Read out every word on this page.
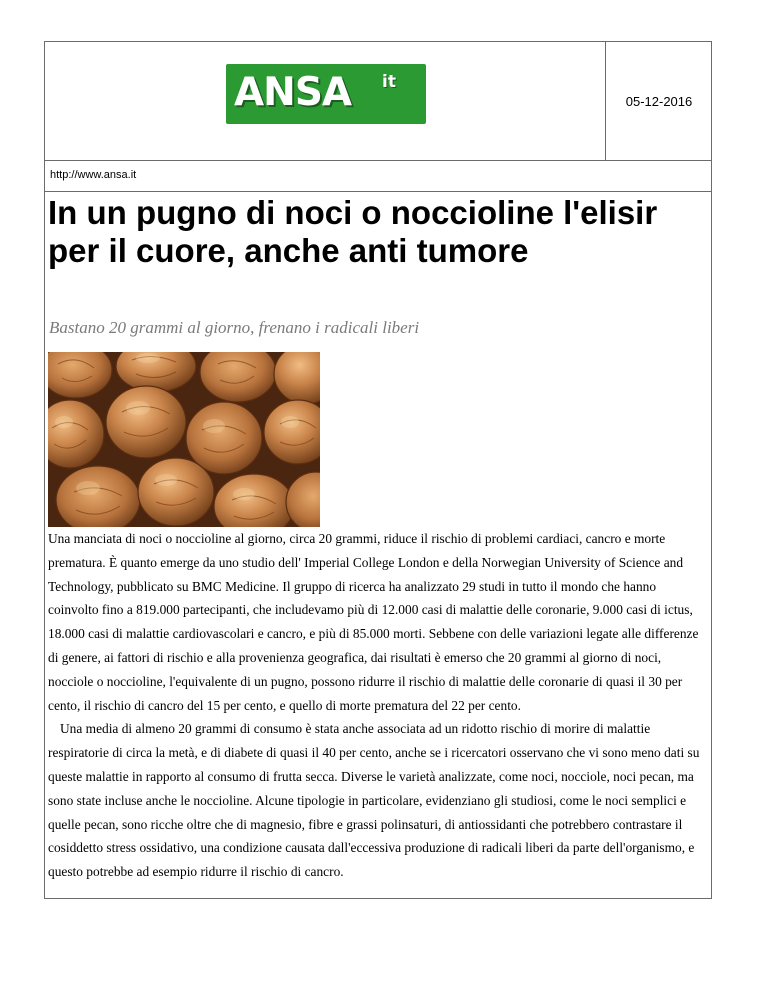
ANSA it
05-12-2016
http://www.ansa.it
In un pugno di noci o noccioline l'elisir per il cuore, anche anti tumore
Bastano 20 grammi al giorno, frenano i radicali liberi

Una manciata di noci o noccioline al giorno, circa 20 grammi, riduce il rischio di problemi cardiaci, cancro e morte prematura. È quanto emerge da uno studio dell' Imperial College London e della Norwegian University of Science and Technology, pubblicato su BMC Medicine. Il gruppo di ricerca ha analizzato 29 studi in tutto il mondo che hanno coinvolto fino a 819.000 partecipanti, che includevamo più di 12.000 casi di malattie delle coronarie, 9.000 casi di ictus, 18.000 casi di malattie cardiovascolari e cancro, e più di 85.000 morti. Sebbene con delle variazioni legate alle differenze di genere, ai fattori di rischio e alla provenienza geografica, dai risultati è emerso che 20 grammi al giorno di noci, nocciole o noccioline, l'equivalente di un pugno, possono ridurre il rischio di malattie delle coronarie di quasi il 30 per cento, il rischio di cancro del 15 per cento, e quello di morte prematura del 22 per cento.

Una media di almeno 20 grammi di consumo è stata anche associata ad un ridotto rischio di morire di malattie respiratorie di circa la metà, e di diabete di quasi il 40 per cento, anche se i ricercatori osservano che vi sono meno dati su queste malattie in rapporto al consumo di frutta secca. Diverse le varietà analizzate, come noci, nocciole, noci pecan, ma sono state incluse anche le noccioline. Alcune tipologie in particolare, evidenziano gli studiosi, come le noci semplici e quelle pecan, sono ricche oltre che di magnesio, fibre e grassi polinsaturi, di antiossidanti che potrebbero contrastare il cosiddetto stress ossidativo, una condizione causata dall'eccessiva produzione di radicali liberi da parte dell'organismo, e questo potrebbe ad esempio ridurre il rischio di cancro.
